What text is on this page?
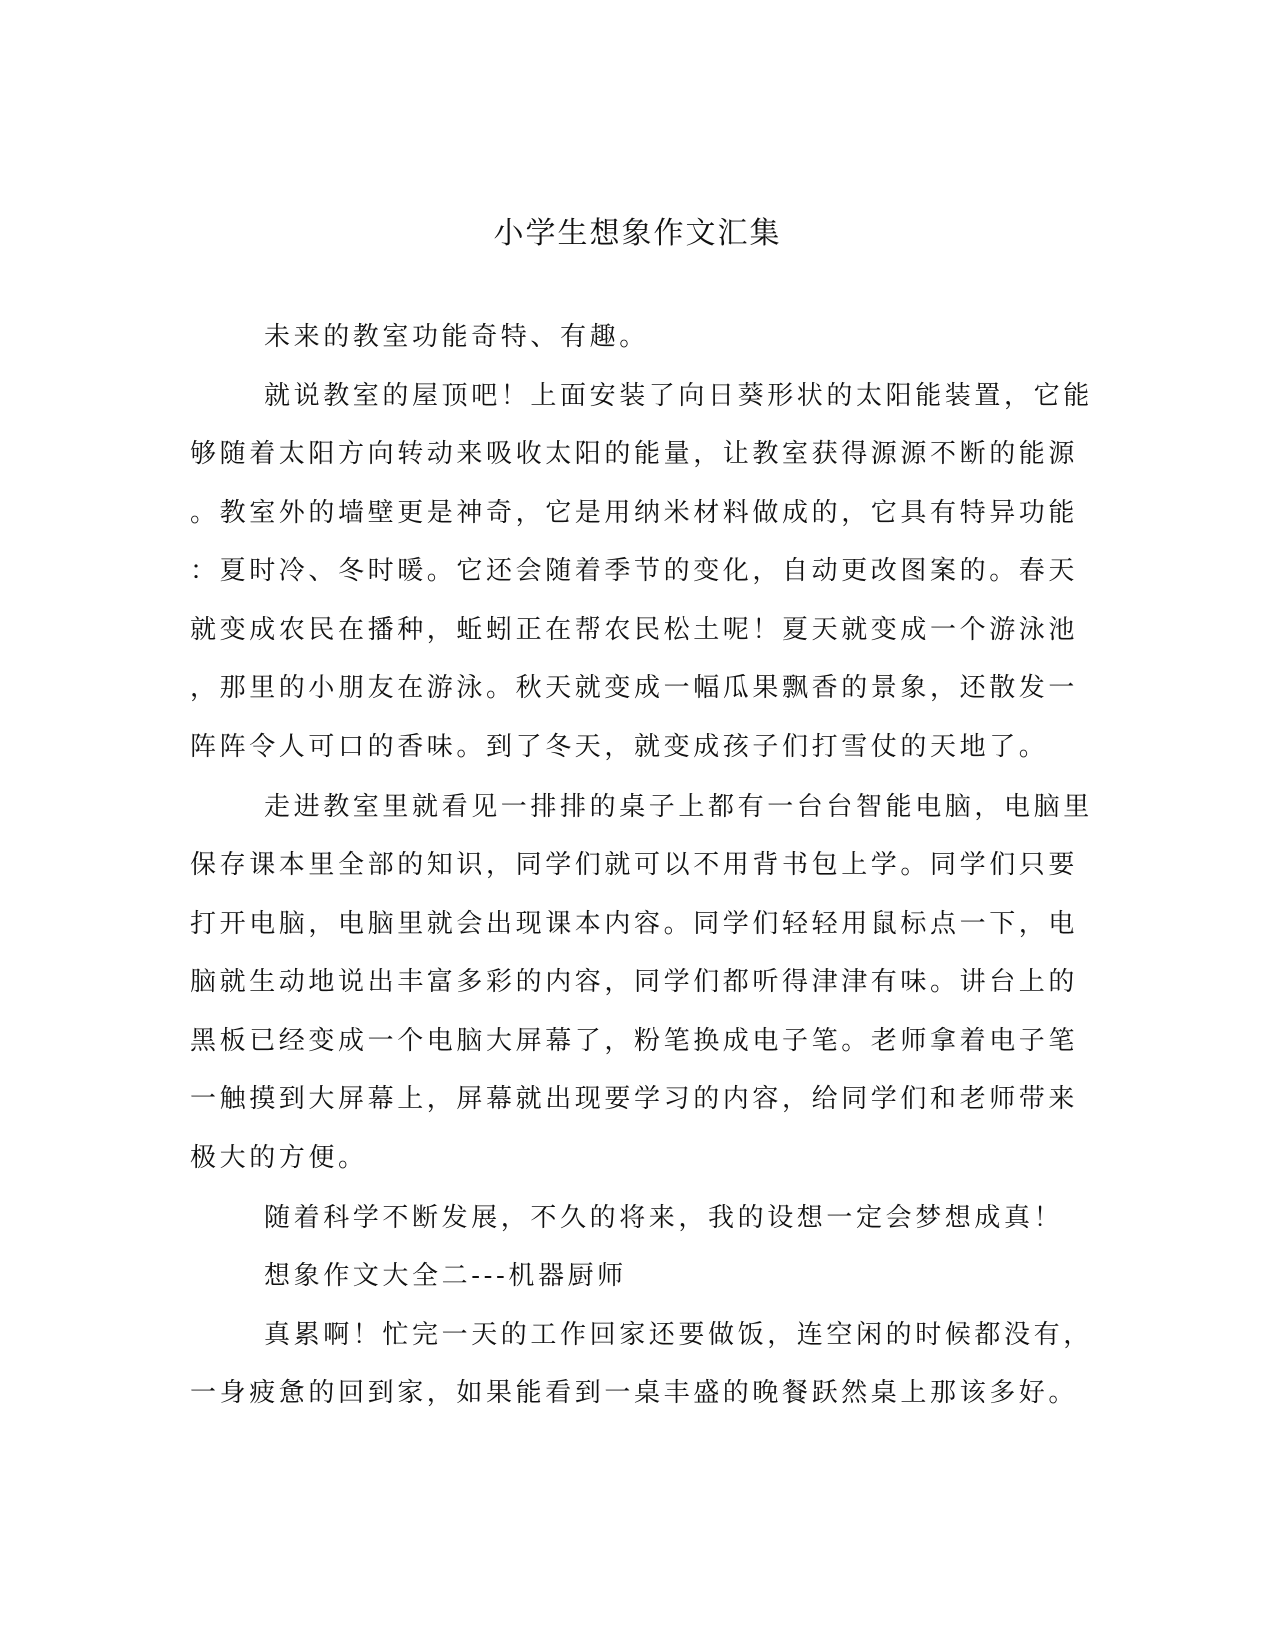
小学生想象作文汇集
未来的教室功能奇特、有趣。
就说教室的屋顶吧！上面安装了向日葵形状的太阳能装置，它能
够随着太阳方向转动来吸收太阳的能量，让教室获得源源不断的能源
。教室外的墙壁更是神奇，它是用纳米材料做成的，它具有特异功能
：夏时冷、冬时暖。它还会随着季节的变化，自动更改图案的。春天
就变成农民在播种，蚯蚓正在帮农民松土呢！夏天就变成一个游泳池
，那里的小朋友在游泳。秋天就变成一幅瓜果飘香的景象，还散发一
阵阵令人可口的香味。到了冬天，就变成孩子们打雪仗的天地了。
走进教室里就看见一排排的桌子上都有一台台智能电脑，电脑里
保存课本里全部的知识，同学们就可以不用背书包上学。同学们只要
打开电脑，电脑里就会出现课本内容。同学们轻轻用鼠标点一下，电
脑就生动地说出丰富多彩的内容，同学们都听得津津有味。讲台上的
黑板已经变成一个电脑大屏幕了，粉笔换成电子笔。老师拿着电子笔
一触摸到大屏幕上，屏幕就出现要学习的内容，给同学们和老师带来
极大的方便。
随着科学不断发展，不久的将来，我的设想一定会梦想成真！
想象作文大全二---机器厨师
真累啊！忙完一天的工作回家还要做饭，连空闲的时候都没有，
一身疲惫的回到家，如果能看到一桌丰盛的晚餐跃然桌上那该多好。
